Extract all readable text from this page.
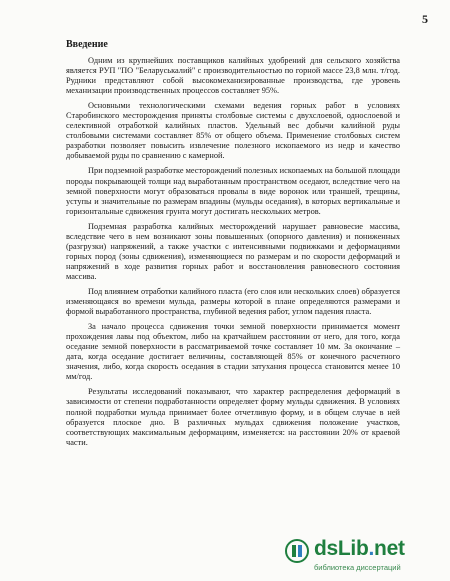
5
Введение

Одним из крупнейших поставщиков калийных удобрений для сельского хозяйства является РУП "ПО "Беларуськалий" с производительностью по горной массе 23,8 млн. т/год. Рудники представляют собой высокомеханизированные производства, где уровень механизации производственных процессов составляет 95%.

Основными технологическими схемами ведения горных работ в условиях Старобинского месторождения приняты столбовые системы с двухслоевой, однослоевой и селективной отработкой калийных пластов. Удельный вес добычи калийной руды столбовыми системами составляет 85% от общего объема. Применение столбовых систем разработки позволяет повысить извлечение полезного ископаемого из недр и качество добываемой руды по сравнению с камерной.

При подземной разработке месторождений полезных ископаемых на большой площади породы покрывающей толщи над выработанным пространством оседают, вследствие чего на земной поверхности могут образоваться провалы в виде воронок или траншей, трещины, уступы и значительные по размерам впадины (мульды оседания), в которых вертикальные и горизонтальные сдвижения грунта могут достигать нескольких метров.

Подземная разработка калийных месторождений нарушает равновесие массива, вследствие чего в нем возникают зоны повышенных (опорного давления) и пониженных (разгрузки) напряжений, а также участки с интенсивными подвижками и деформациями горных пород (зоны сдвижения), изменяющиеся по размерам и по скорости деформаций и напряжений в ходе развития горных работ и восстановления равновесного состояния массива.

Под влиянием отработки калийного пласта (его слоя или нескольких слоев) образуется изменяющаяся во времени мульда, размеры которой в плане определяются размерами и формой выработанного пространства, глубиной ведения работ, углом падения пласта.

За начало процесса сдвижения точки земной поверхности принимается момент прохождения лавы под объектом, либо на кратчайшем расстоянии от него, для того, когда оседание земной поверхности в рассматриваемой точке составляет 10 мм. За окончание – дата, когда оседание достигает величины, составляющей 85% от конечного расчетного значения, либо, когда скорость оседания в стадии затухания процесса становится менее 10 мм/год.

Результаты исследований показывают, что характер распределения деформаций в зависимости от степени подработанности определяет форму мульды сдвижения. В условиях полной подработки мульда принимает более отчетливую форму, и в общем случае в ней образуется плоское дно. В различных мульдах сдвижения положение участков, соответствующих максимальным деформациям, изменяется: на расстоянии 20% от краевой части.

dsLib.net
библиотека диссертаций
